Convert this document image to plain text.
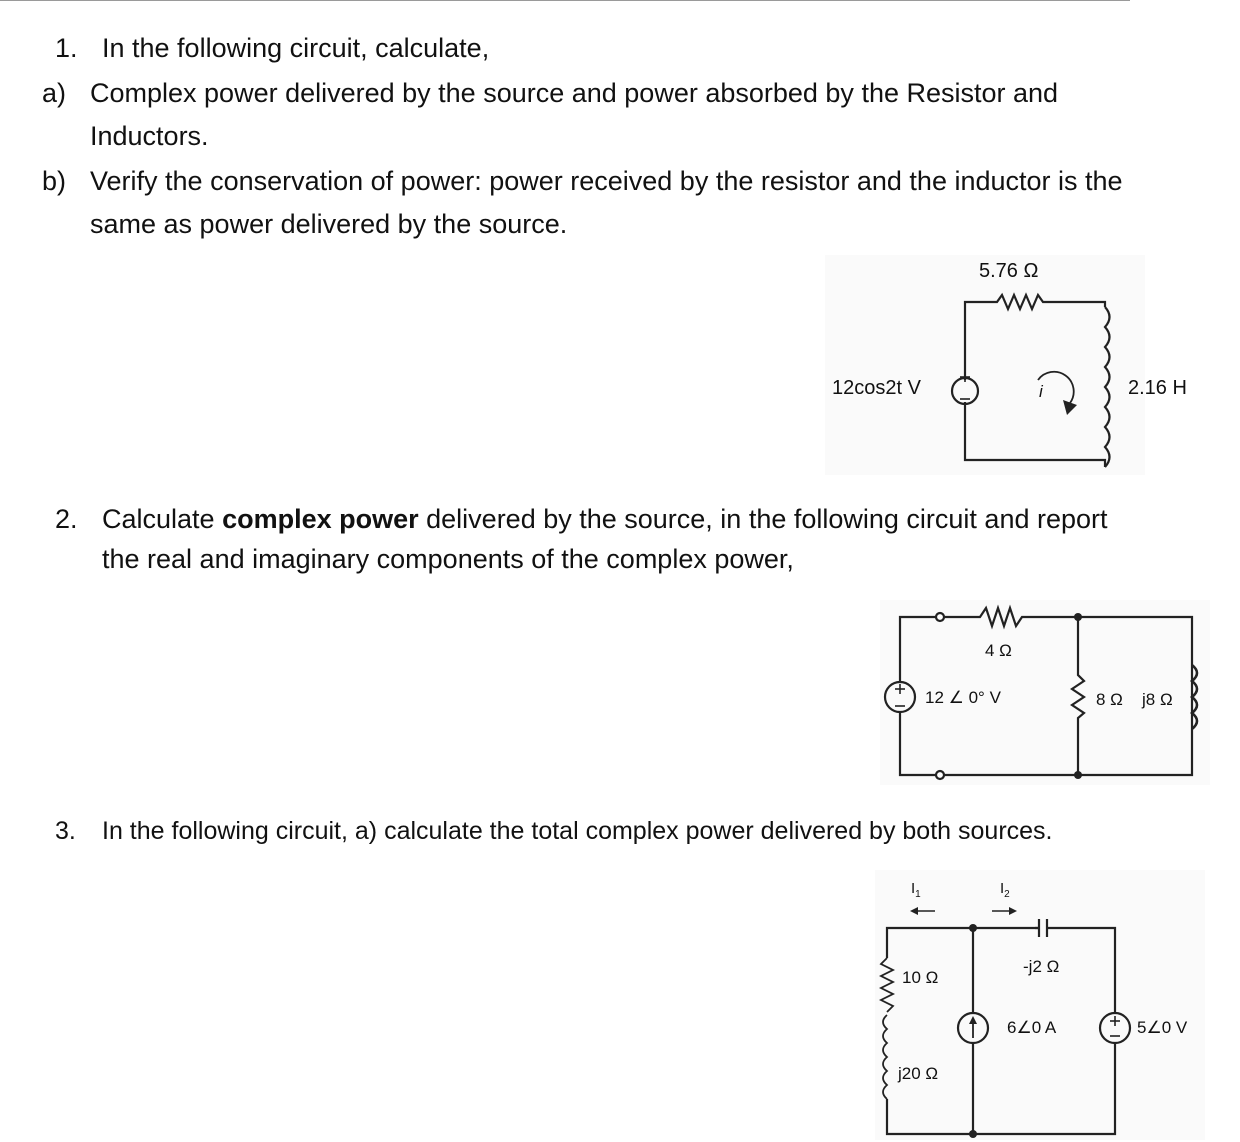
1. In the following circuit, calculate,
a) Complex power delivered by the source and power absorbed by the Resistor and
Inductors.
b) Verify the conservation of power: power received by the resistor and the inductor is the
same as power delivered by the source.
5.76 Ω
12cos2t V	i	2.16 H
2. Calculate complex power delivered by the source, in the following circuit and report
the real and imaginary components of the complex power,
4 Ω
12 ∠ 0° V	8 Ω j8 Ω
3. In the following circuit, a) calculate the total complex power delivered by both sources.
$I_1$	$I_2$
10 Ω
-j2 Ω
6∠0 A	5∠0 V
j20 Ω
